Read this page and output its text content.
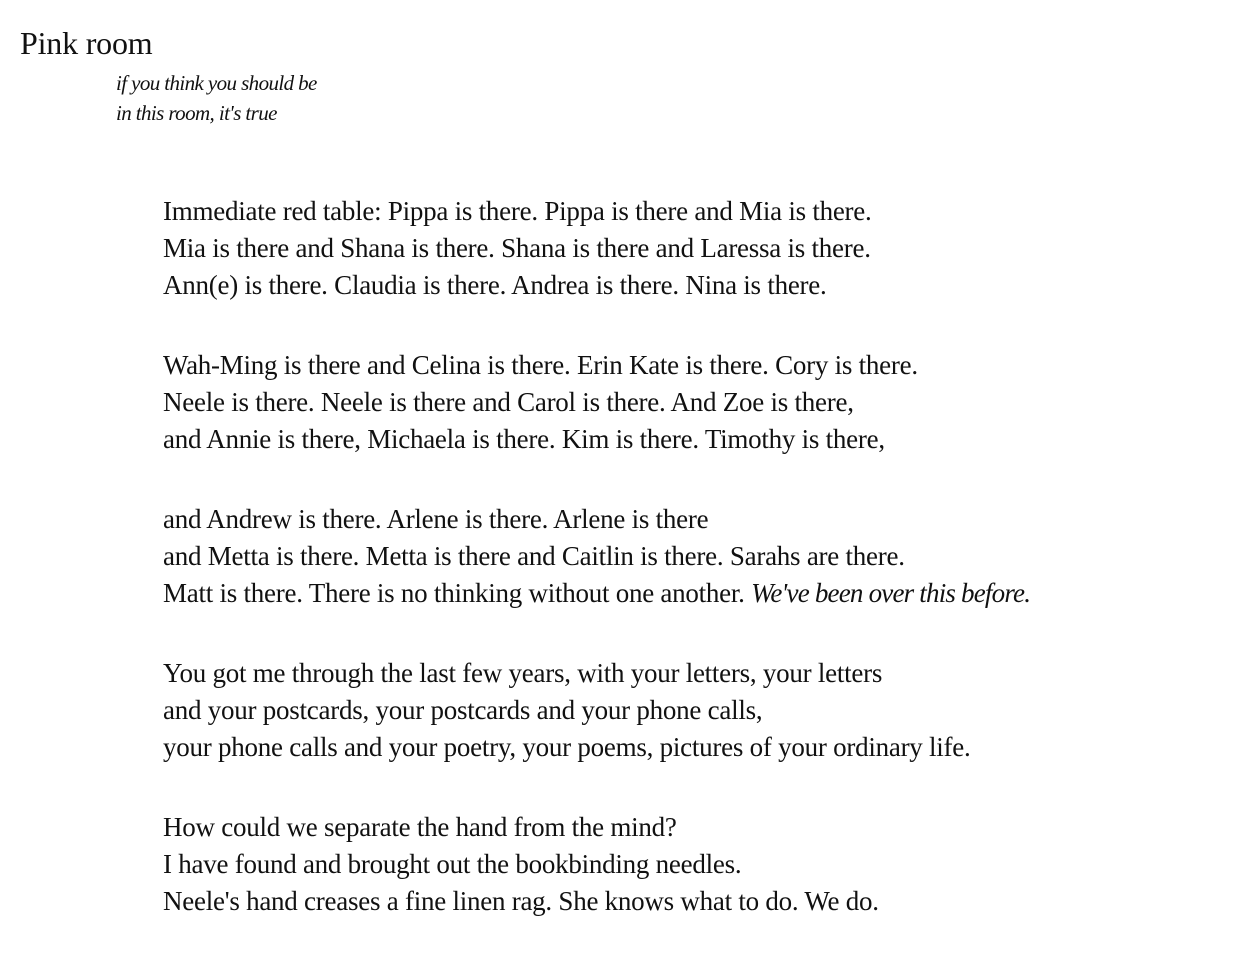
Pink room
if you think you should be
in this room, it's true
Immediate red table: Pippa is there. Pippa is there and Mia is there.
Mia is there and Shana is there. Shana is there and Laressa is there.
Ann(e) is there. Claudia is there. Andrea is there. Nina is there.
Wah-Ming is there and Celina is there. Erin Kate is there. Cory is there.
Neele is there. Neele is there and Carol is there. And Zoe is there,
and Annie is there, Michaela is there. Kim is there. Timothy is there,
and Andrew is there. Arlene is there. Arlene is there
and Metta is there. Metta is there and Caitlin is there. Sarahs are there.
Matt is there. There is no thinking without one another. We've been over this before.
You got me through the last few years, with your letters, your letters
and your postcards, your postcards and your phone calls,
your phone calls and your poetry, your poems, pictures of your ordinary life.
How could we separate the hand from the mind?
I have found and brought out the bookbinding needles.
Neele's hand creases a fine linen rag. She knows what to do. We do.
